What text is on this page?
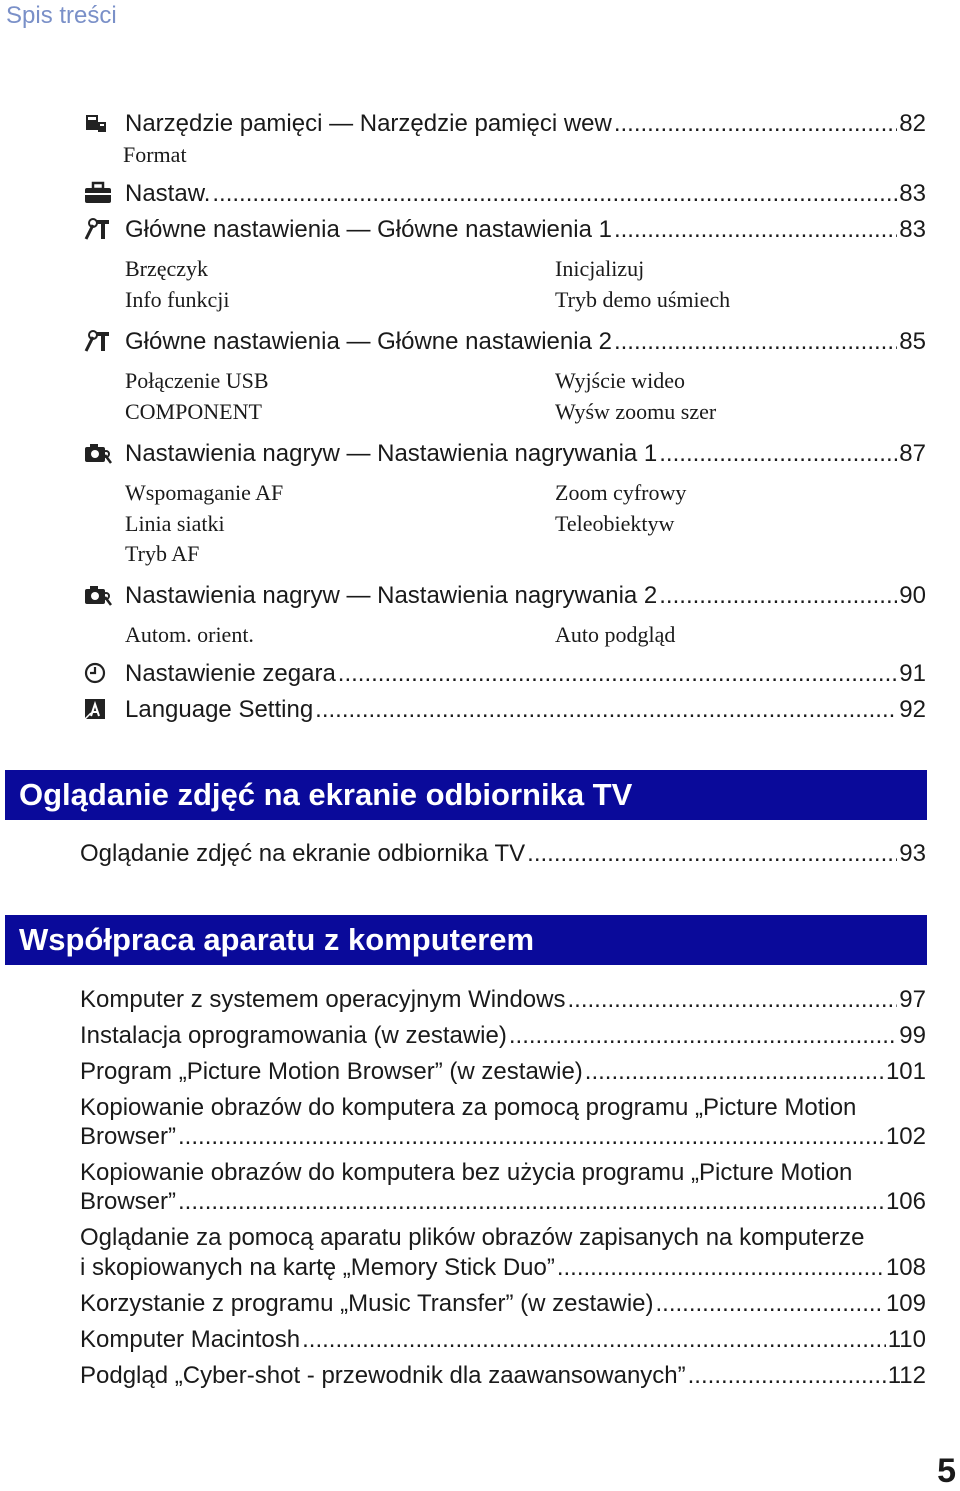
Spis treści
Narzędzie pamięci — Narzędzie pamięci wew .....	82
Format
Nastaw. .....	83
Główne nastawienia — Główne nastawienia 1 .....	83
Brzęczyk	Inicjalizuj
Info funkcji	Tryb demo uśmiech
Główne nastawienia — Główne nastawienia 2 .....	85
Połączenie USB	Wyjście wideo
COMPONENT	Wyśw zoomu szer
Nastawienia nagryw — Nastawienia nagrywania 1 .....	87
Wspomaganie AF	Zoom cyfrowy
Linia siatki	Teleobiektyw
Tryb AF
Nastawienia nagryw — Nastawienia nagrywania 2 .....	90
Autom. orient.	Auto podgląd
Nastawienie zegara .....	91
Language Setting .....	92
Oglądanie zdjęć na ekranie odbiornika TV
Oglądanie zdjęć na ekranie odbiornika TV .....	93
Współpraca aparatu z komputerem
Komputer z systemem operacyjnym Windows .....	97
Instalacja oprogramowania (w zestawie) .....	99
Program „Picture Motion Browser” (w zestawie) .....	101
Kopiowanie obrazów do komputera za pomocą programu „Picture Motion
Browser” .....	102
Kopiowanie obrazów do komputera bez użycia programu „Picture Motion
Browser” .....	106
Oglądanie za pomocą aparatu plików obrazów zapisanych na komputerze
i skopiowanych na kartę „Memory Stick Duo” .....	108
Korzystanie z programu „Music Transfer” (w zestawie) .....	109
Komputer Macintosh .....	110
Podgląd „Cyber-shot - przewodnik dla zaawansowanych” .....	112
5
